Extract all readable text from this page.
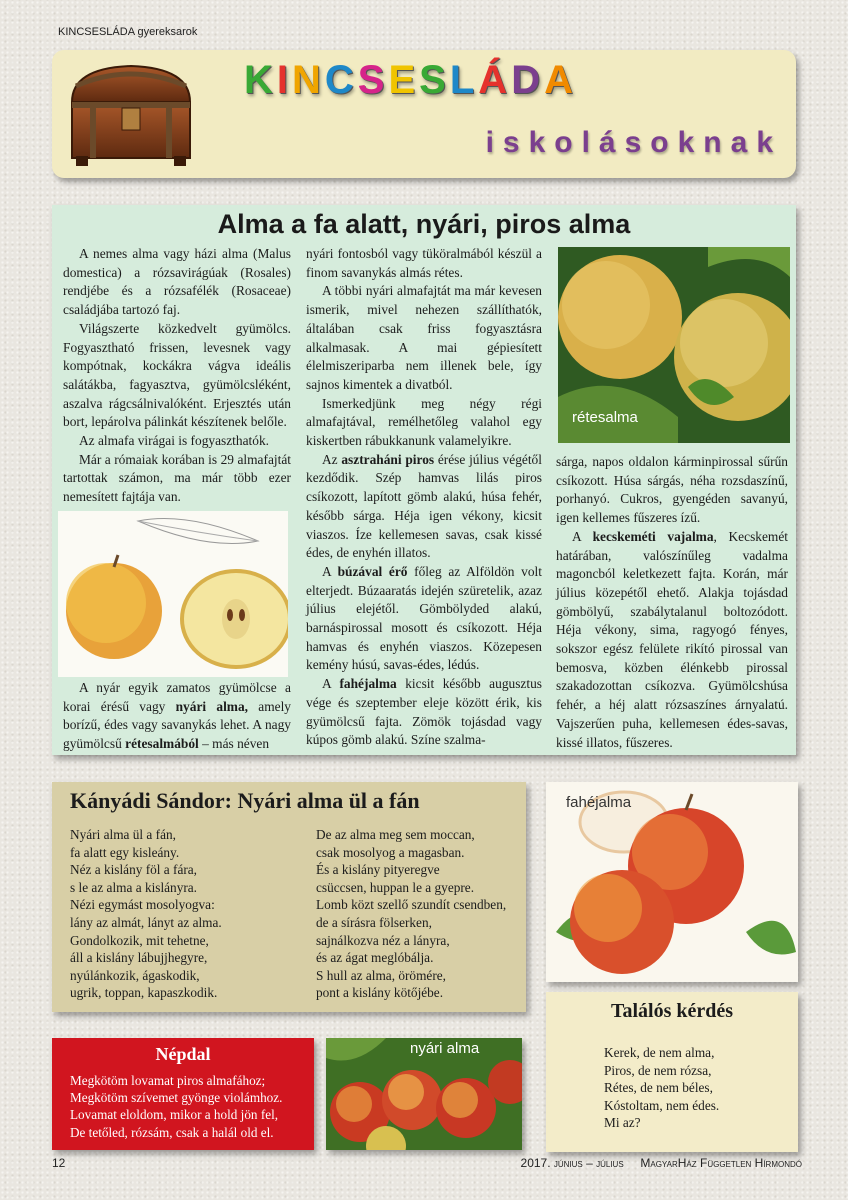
KINCSESLÁDA gyereksarok
KINCSESLÁDA
iskolásoknak
Alma a fa alatt, nyári, piros alma

A nemes alma vagy házi alma (Malus domestica) a rózsavirágúak (Rosales) rendjébe és a rózsafélék (Rosaceae) családjába tartozó faj.

Világszerte közkedvelt gyümölcs. Fogyasztható frissen, levesnek vagy kompótnak, kockákra vágva ideális salátákba, fagyasztva, gyümölcsléként, aszalva rágcsálnivalóként. Erjesztés után bort, lepárolva pálinkát készítenek belőle.

Az almafa virágai is fogyaszthatók.

Már a rómaiak korában is 29 almafajtát tartottak számon, ma már több ezer nemesített fajtája van.

A nyár egyik zamatos gyümölcse a korai érésű vagy nyári alma, amely borízű, édes vagy savanykás lehet. A nagy gyümölcsű rétesalmából – más néven

nyári fontosból vagy tüköralmából készül a finom savanykás almás rétes.

A többi nyári almafajtát ma már kevesen ismerik, mivel nehezen szállíthatók, általában csak friss fogyasztásra alkalmasak. A mai gépiesített élelmiszeriparba nem illenek bele, így sajnos kimentek a divatból.

Ismerkedjünk meg négy régi almafajtával, remélhetőleg valahol egy kiskertben rábukkanunk valamelyikre.

Az asztraháni piros érése július végétől kezdődik. Szép hamvas lilás piros csíkozott, lapított gömb alakú, húsa fehér, később sárga. Héja igen vékony, kicsit viaszos. Íze kellemesen savas, csak kissé édes, de enyhén illatos.

A búzával érő főleg az Alföldön volt elterjedt. Búzaaratás idején szüretelik, azaz július elejétől. Gömbölyded alakú, barnáspirossal mosott és csíkozott. Héja hamvas és enyhén viaszos. Közepesen kemény húsú, savas-édes, lédús.

A fahéjalma kicsit később augusztus vége és szeptember eleje között érik, kis gyümölcsű fajta. Zömök tojásdad vagy kúpos gömb alakú. Színe szalma-

rétesalma

sárga, napos oldalon kárminpirossal sűrűn csíkozott. Húsa sárgás, néha rozsdaszínű, porhanyó. Cukros, gyengéden savanyú, igen kellemes fűszeres ízű.

A kecskeméti vajalma, Kecskemét határában, valószínűleg vadalma magoncból keletkezett fajta. Korán, már július közepétől ehető. Alakja tojásdad gömbölyű, szabálytalanul boltozódott. Héja vékony, sima, ragyogó fényes, sokszor egész felülete rikító pirossal van bemosva, közben élénkebb pirossal szakadozottan csíkozva. Gyümölcshúsa fehér, a héj alatt rózsaszínes árnyalatú. Vajszerűen puha, kellemesen édes-savas, kissé illatos, fűszeres.

Kányádi Sándor: Nyári alma ül a fán
Nyári alma ül a fán,
fa alatt egy kisleány.
Néz a kislány föl a fára,
s le az alma a kislányra.
Nézi egymást mosolyogva:
lány az almát, lányt az alma.
Gondolkozik, mit tehetne,
áll a kislány lábujjhegyre,
nyúlánkozik, ágaskodik,
ugrik, toppan, kapaszkodik.
De az alma meg sem moccan,
csak mosolyog a magasban.
És a kislány pityeregve
csüccsen, huppan le a gyepre.
Lomb közt szellő szundít csendben,
de a sírásra fölserken,
sajnálkozva néz a lányra,
és az ágat meglóbálja.
S hull az alma, örömére,
pont a kislány kötőjébe.
fahéjalma
Találós kérdés
Kerek, de nem alma,
Piros, de nem rózsa,
Rétes, de nem béles,
Kóstoltam, nem édes.
Mi az?
Népdal
Megkötöm lovamat piros almafához;
Megkötöm szívemet gyönge violámhoz.
Lovamat eloldom, mikor a hold jön fel,
De tetőled, rózsám, csak a halál old el.
nyári alma
12	2017. június – július MagyarHáz Független Hírmondó
